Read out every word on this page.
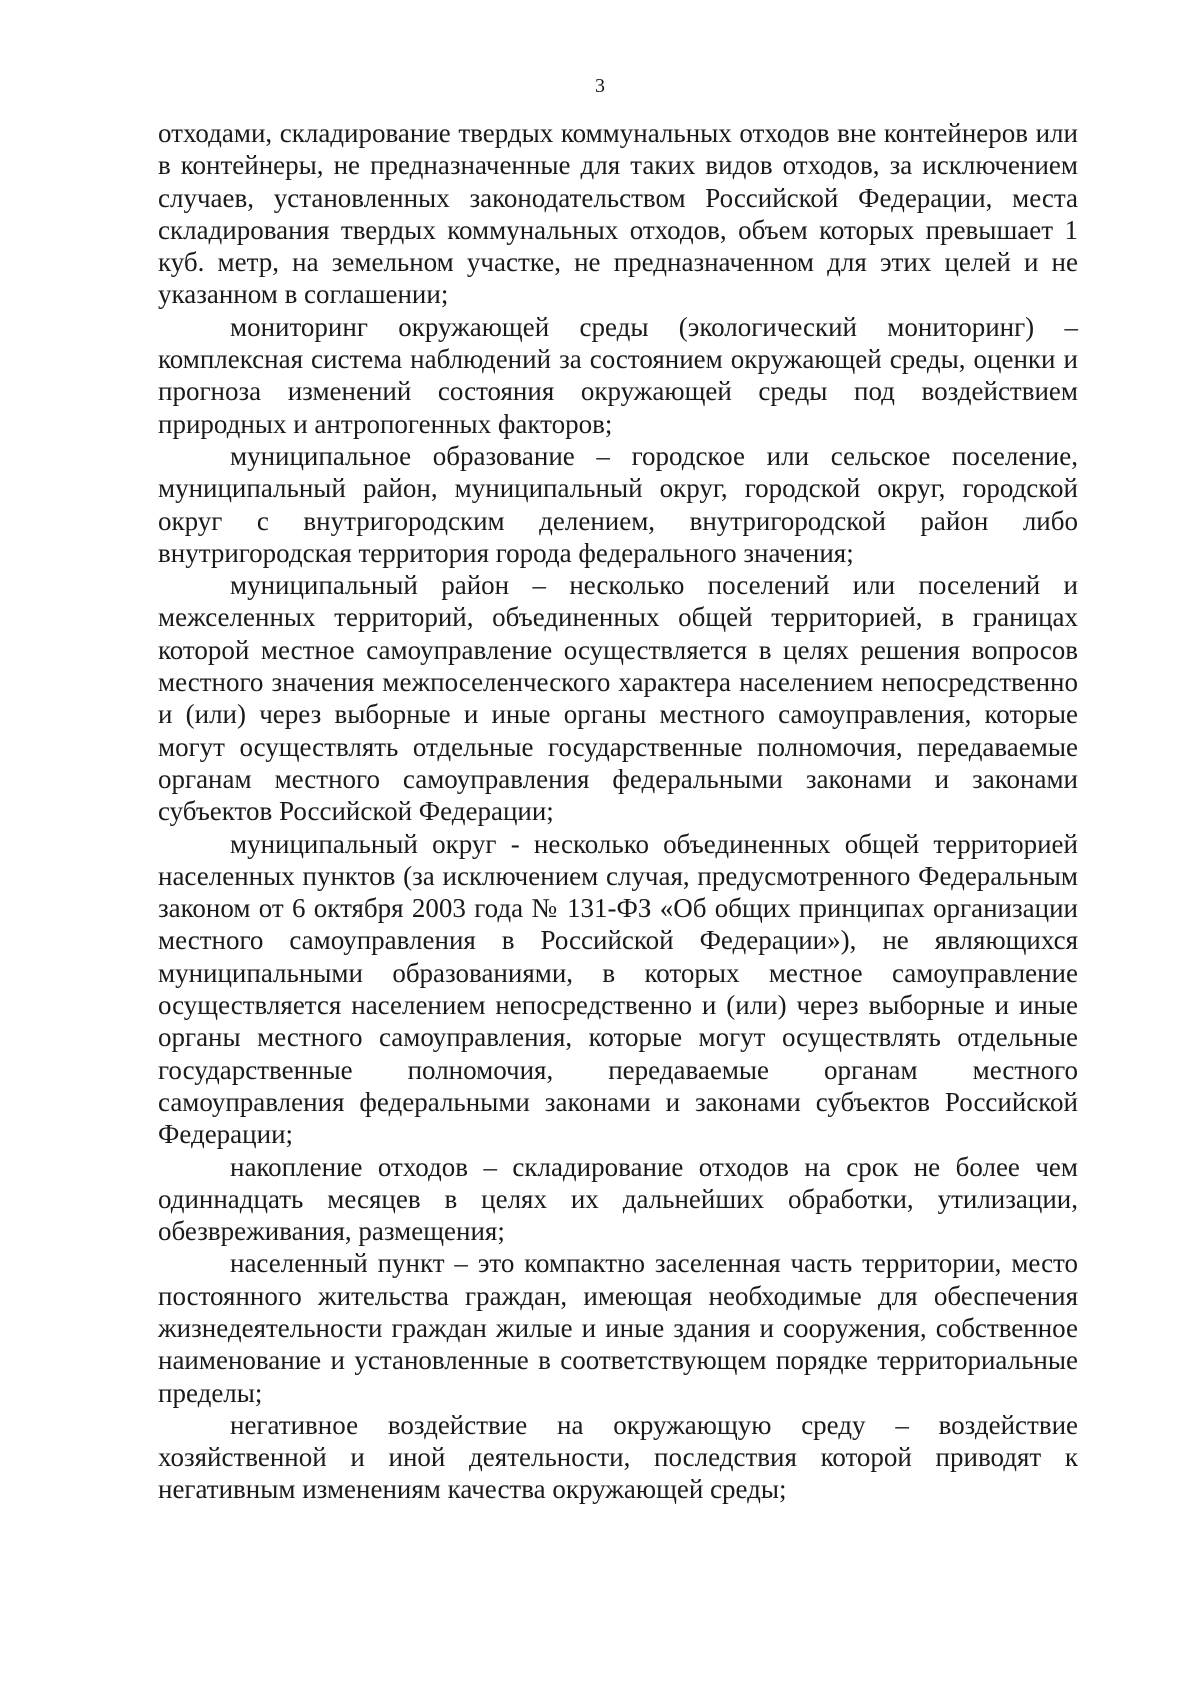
3

отходами, складирование твердых коммунальных отходов вне контейнеров или в контейнеры, не предназначенные для таких видов отходов, за исключением случаев, установленных законодательством Российской Федерации, места складирования твердых коммунальных отходов, объем которых превышает 1 куб. метр, на земельном участке, не предназначенном для этих целей и не указанном в соглашении;

мониторинг окружающей среды (экологический мониторинг) – комплексная система наблюдений за состоянием окружающей среды, оценки и прогноза изменений состояния окружающей среды под воздействием природных и антропогенных факторов;

муниципальное образование – городское или сельское поселение, муниципальный район, муниципальный округ, городской округ, городской округ с внутригородским делением, внутригородской район либо внутригородская территория города федерального значения;

муниципальный район – несколько поселений или поселений и межселенных территорий, объединенных общей территорией, в границах которой местное самоуправление осуществляется в целях решения вопросов местного значения межпоселенческого характера населением непосредственно и (или) через выборные и иные органы местного самоуправления, которые могут осуществлять отдельные государственные полномочия, передаваемые органам местного самоуправления федеральными законами и законами субъектов Российской Федерации;

муниципальный округ - несколько объединенных общей территорией населенных пунктов (за исключением случая, предусмотренного Федеральным законом от 6 октября 2003 года № 131-ФЗ «Об общих принципах организации местного самоуправления в Российской Федерации»), не являющихся муниципальными образованиями, в которых местное самоуправление осуществляется населением непосредственно и (или) через выборные и иные органы местного самоуправления, которые могут осуществлять отдельные государственные полномочия, передаваемые органам местного самоуправления федеральными законами и законами субъектов Российской Федерации;

накопление отходов – складирование отходов на срок не более чем одиннадцать месяцев в целях их дальнейших обработки, утилизации, обезвреживания, размещения;

населенный пункт – это компактно заселенная часть территории, место постоянного жительства граждан, имеющая необходимые для обеспечения жизнедеятельности граждан жилые и иные здания и сооружения, собственное наименование и установленные в соответствующем порядке территориальные пределы;

негативное воздействие на окружающую среду – воздействие хозяйственной и иной деятельности, последствия которой приводят к негативным изменениям качества окружающей среды;
